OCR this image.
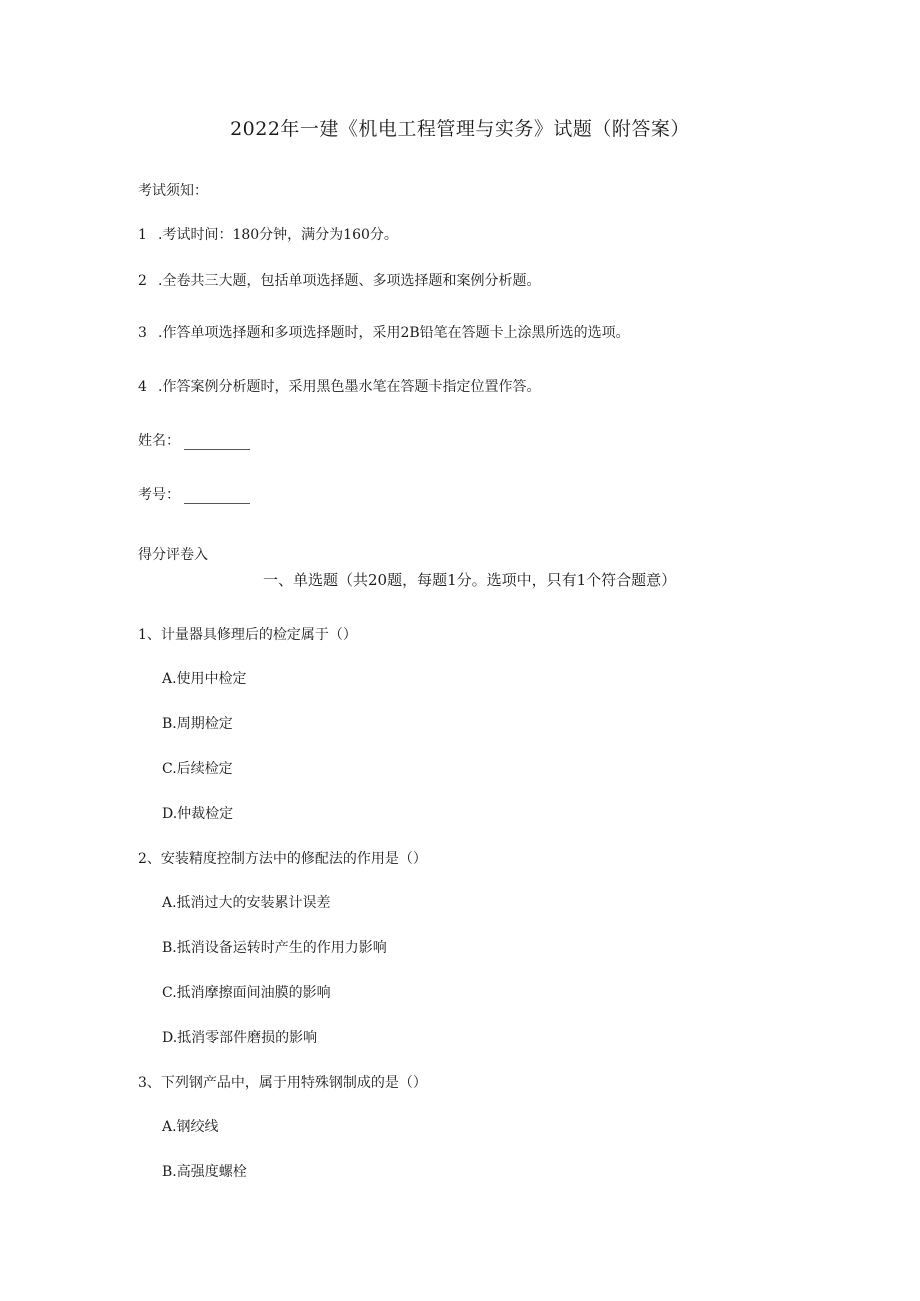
2022年一建《机电工程管理与实务》试题（附答案）
考试须知：
1 .考试时间：180分钟，满分为160分。
2 .全卷共三大题，包括单项选择题、多项选择题和案例分析题。
3 .作答单项选择题和多项选择题时，采用2B铅笔在答题卡上涂黑所选的选项。
4 .作答案例分析题时，采用黑色墨水笔在答题卡指定位置作答。
姓名：
考号：
得分评卷入
一、单选题（共20题，每题1分。选项中，只有1个符合题意）
1、计量器具修理后的检定属于（）
A.使用中检定
B.周期检定
C.后续检定
D.仲裁检定
2、安装精度控制方法中的修配法的作用是（）
A.抵消过大的安装累计误差
B.抵消设备运转时产生的作用力影响
C.抵消摩擦面间油膜的影响
D.抵消零部件磨损的影响
3、下列钢产品中，属于用特殊钢制成的是（）
A.钢绞线
B.高强度螺栓
